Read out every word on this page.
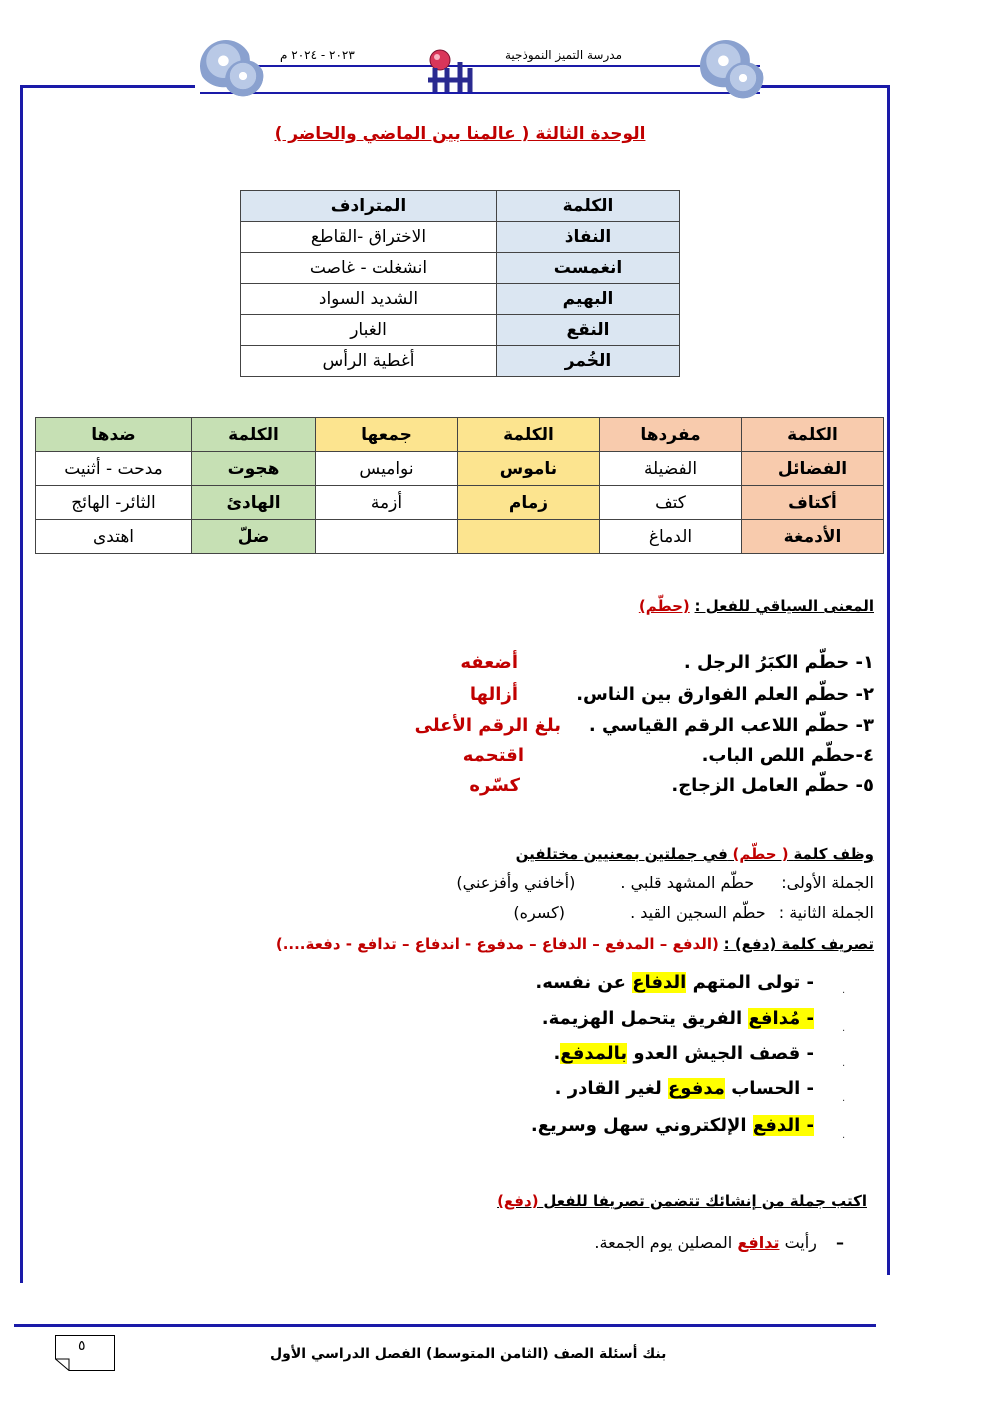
مدرسة التميز النموذجية
٢٠٢٣ - ٢٠٢٤ م
الوحدة الثالثة ( عالمنا بين الماضي والحاضر )
الكلمة	المترادف
النفاذ	الاختراق -القاطع
انغمست	انشغلت - غاصت
البهيم	الشديد السواد
النقع	الغبار
الخُمر	أغطية الرأس
الكلمة	مفردها	الكلمة	جمعها	الكلمة	ضدها
الفضائل	الفضيلة	ناموس	نواميس	هجوت	مدحت - أثنيت
أكتاف	كتف	زمام	أزمة	الهادئ	الثائر- الهائج
الأدمغة	الدماغ			ضلّ	اهتدى
المعنى السياقي للفعل : (حطّم)
١- حطّم الكبَرُ الرجل .
أضعفه
٢- حطّم العلم الفوارق بين الناس.
أزالها
٣- حطّم اللاعب الرقم القياسي .
بلغ الرقم الأعلى
٤-حطّم اللص الباب.
اقتحمه
٥- حطّم العامل الزجاج.
كسّره
وظف كلمة ( حطّم) في جملتين بمعنيين مختلفين
الجملة الأولى: حطّم المشهد قلبي . (أخافني وأفزعني)
الجملة الثانية : حطّم السجين القيد . (كسره)
تصريف كلمة (دفع) : (الدفع – المدفع – الدفاع – مدفوع - اندفاع – تدافع - دفعة....)
.
- تولى المتهم الدفاع عن نفسه.
.
- مُدافع الفريق يتحمل الهزيمة.
.
- قصف الجيش العدو بالمدفع.
.
- الحساب مدفوع لغير القادر .
.
- الدفع الإلكتروني سهل وسريع.
اكتب جملة من إنشائك تتضمن تصريفا للفعل (دفع)
– رأيت تدافع المصلين يوم الجمعة.
٥	بنك أسئلة الصف (الثامن المتوسط) الفصل الدراسي الأول
